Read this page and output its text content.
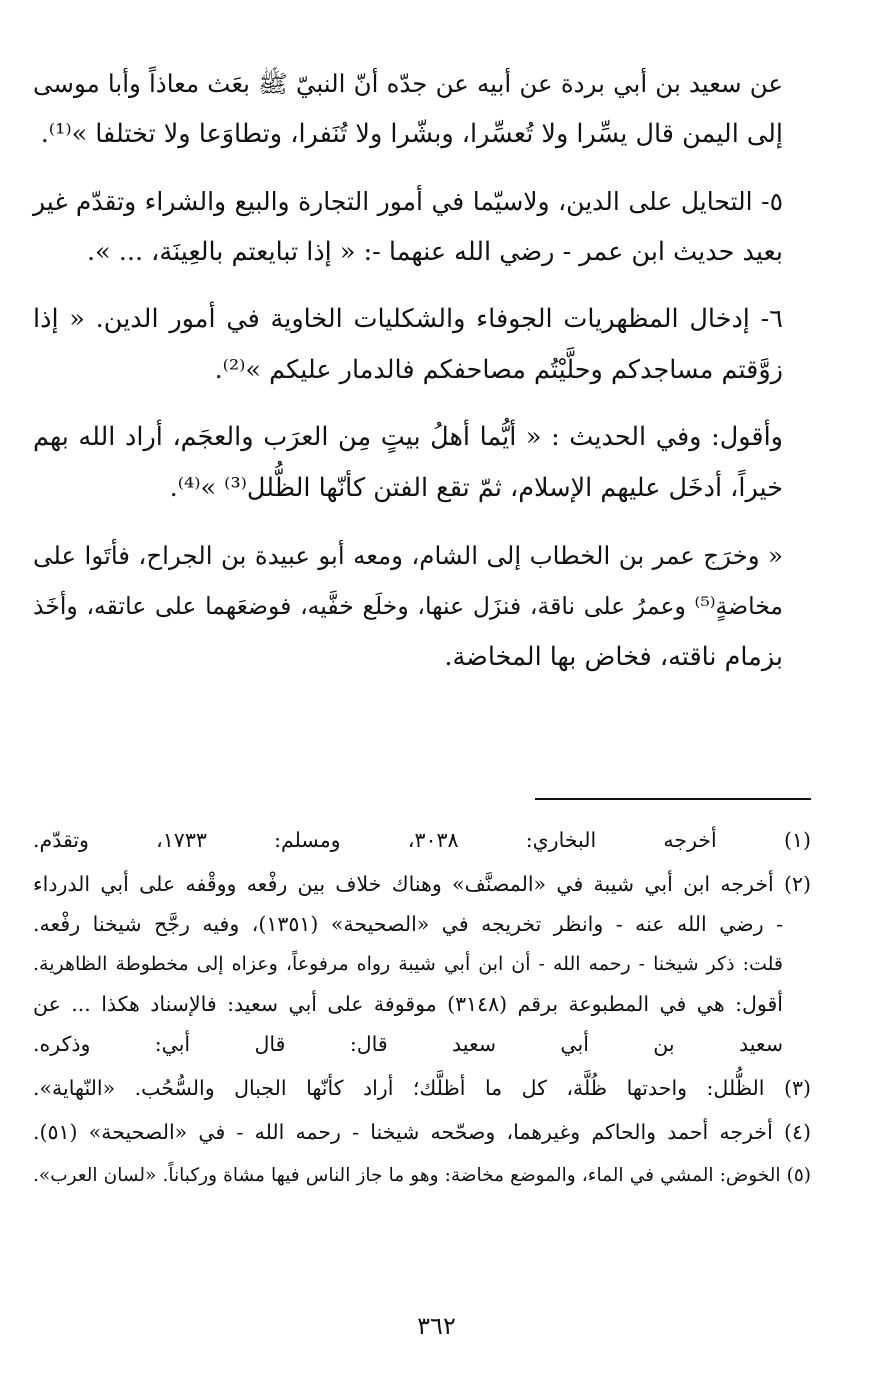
عن سعيد بن أبي بردة عن أبيه عن جدّه أنّ النبيّ ﷺ بعَث معاذاً وأبا موسى
إلى اليمن قال يسِّرا ولا تُعسِّرا، وبشّرا ولا تُنَفرا، وتطاوَعا ولا تختلفا »⁽¹⁾.

٥- التحايل على الدين، ولاسيّما في أمور التجارة والبيع والشراء وتقدّم غير
بعيد حديث ابن عمر - رضي الله عنهما -: « إذا تبايعتم بالعِينَة، ... ».

٦- إدخال المظهريات الجوفاء والشكليات الخاوية في أمور الدين. « إذا
زوَّقتم مساجدكم وحلَّيْتُم مصاحفكم فالدمار عليكم »⁽²⁾.

وأقول: وفي الحديث : « أيُّما أهلُ بيتٍ مِن العرَب والعجَم، أراد الله بهم
خيراً، أدخَل عليهم الإسلام، ثمّ تقع الفتن كأنّها الظُّلل⁽³⁾ »⁽⁴⁾.

« وخرَج عمر بن الخطاب إلى الشام، ومعه أبو عبيدة بن الجراح، فأتَوا على
مخاضةٍ⁽⁵⁾ وعمرُ على ناقة، فنزَل عنها، وخلَع خفَّيه، فوضعَهما على عاتقه، وأخَذ
بزمام ناقته، فخاض بها المخاضة.

(١) أخرجه البخاري: ٣٠٣٨، ومسلم: ١٧٣٣، وتقدّم.
(٢) أخرجه ابن أبي شيبة في «المصنَّف» وهناك خلاف بين رفْعه ووقْفه على أبي الدرداء
- رضي الله عنه - وانظر تخريجه في «الصحيحة» (١٣٥١)، وفيه رجَّح شيخنا رفْعه.
قلت: ذكر شيخنا - رحمه الله - أن ابن أبي شيبة رواه مرفوعاً، وعزاه إلى مخطوطة الظاهرية.
أقول: هي في المطبوعة برقم (٣١٤٨) موقوفة على أبي سعيد: فالإسناد هكذا ... عن
سعيد بن أبي سعيد قال: قال أبي: وذكره.
(٣) الظُّلل: واحدتها ظُلَّة، كل ما أظلَّك؛ أراد كأنّها الجبال والسُّحُب. «النّهاية».
(٤) أخرجه أحمد والحاكم وغيرهما، وصحّحه شيخنا - رحمه الله - في «الصحيحة» (٥١).
(٥) الخوض: المشي في الماء، والموضع مخاضة: وهو ما جاز الناس فيها مشاة وركباناً. «لسان العرب».
٣٦٢
